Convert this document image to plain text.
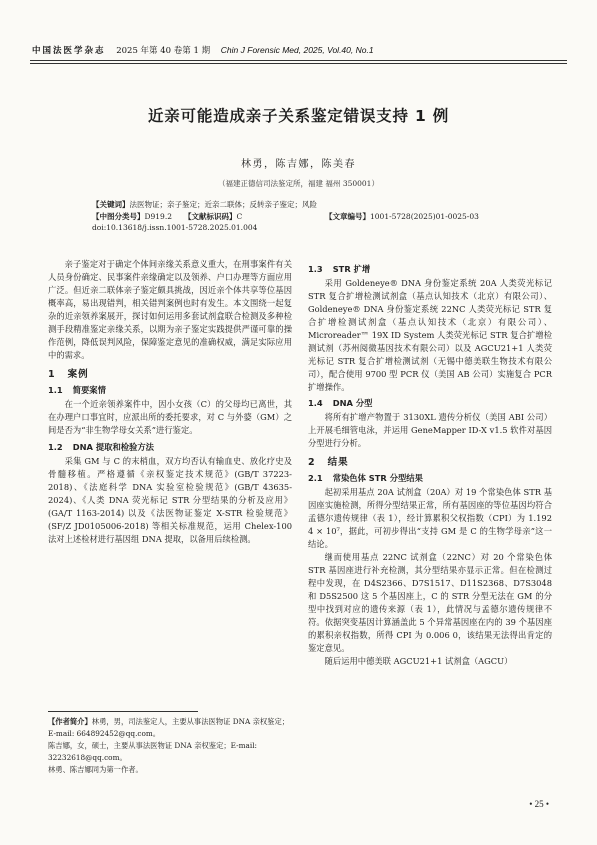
中国法医学杂志 2025 年第 40 卷第 1 期 Chin J Forensic Med, 2025, Vol.40, No.1
近亲可能造成亲子关系鉴定错误支持 1 例
林勇，陈吉娜，陈美春
（福建正德信司法鉴定所，福建 福州 350001）
【关键词】法医物证；亲子鉴定；近亲二联体；反转亲子鉴定；风险
【中图分类号】D919.2 【文献标识码】C	【文章编号】1001-5728(2025)01-0025-03
doi:10.13618/j.issn.1001-5728.2025.01.004

亲子鉴定对于确定个体间亲缘关系意义重大，在刑事案件有关人员身份确定、民事案件亲缘确定以及领养、户口办理等方面应用广泛。但近亲二联体亲子鉴定颇具挑战，因近亲个体共享等位基因概率高，易出现错判，相关错判案例也时有发生。本文围绕一起复杂的近亲领养案展开，探讨如何运用多套试剂盒联合检测及多种检测手段精准鉴定亲缘关系，以期为亲子鉴定实践提供严谨可靠的操作范例，降低误判风险，保障鉴定意见的准确权威，满足实际应用中的需求。

1 案例
1.1 简要案情

在一个近亲领养案件中，因小女孩（C）的父母均已离世，其在办理户口事宜时，应派出所的委托要求，对 C 与外婆（GM）之间是否为“非生物学母女关系”进行鉴定。

1.2 DNA 提取和检验方法

采集 GM 与 C 的末梢血，双方均否认有输血史、放化疗史及骨髓移植。严格遵循《亲权鉴定技术规范》(GB/T 37223-2018)、《法庭科学 DNA 实验室检验规范》(GB/T 43635-2024)、《人类 DNA 荧光标记 STR 分型结果的分析及应用》(GA/T 1163-2014) 以及《法医物证鉴定 X-STR 检验规范》(SF/Z JD0105006-2018) 等相关标准规范，运用 Chelex-100 法对上述检材进行基因组 DNA 提取，以备用后续检测。

1.3 STR 扩增

采用 Goldeneye® DNA 身份鉴定系统 20A 人类荧光标记 STR 复合扩增检测试剂盒（基点认知技术（北京）有限公司）、Goldeneye® DNA 身份鉴定系统 22NC 人类荧光标记 STR 复合扩增检测试剂盒（基点认知技术（北京）有限公司）、Microreader™ 19X ID System 人类荧光标记 STR 复合扩增检测试剂（苏州阅微基因技术有限公司）以及 AGCU21+1 人类荧光标记 STR 复合扩增检测试剂（无锡中德美联生物技术有限公司），配合使用 9700 型 PCR 仪（美国 AB 公司）实施复合 PCR 扩增操作。

1.4 DNA 分型

将所有扩增产物置于 3130XL 遗传分析仪（美国 ABI 公司）上开展毛细管电泳，并运用 GeneMapper ID-X v1.5 软件对基因分型进行分析。

2 结果
2.1 常染色体 STR 分型结果

起初采用基点 20A 试剂盒（20A）对 19 个常染色体 STR 基因座实施检测，所得分型结果正常，所有基因座的等位基因均符合孟德尔遗传规律（表 1），经计算累积父权指数（CPI）为 1.192 4 × 10⁷，据此，可初步得出“支持 GM 是 C 的生物学母亲”这一结论。

继而使用基点 22NC 试剂盒（22NC）对 20 个常染色体 STR 基因座进行补充检测，其分型结果亦显示正常。但在检测过程中发现，在 D4S2366、D7S1517、D11S2368、D7S3048 和 D5S2500 这 5 个基因座上，C 的 STR 分型无法在 GM 的分型中找到对应的遗传来源（表 1），此情况与孟德尔遗传规律不符。依据突变基因计算涵盖此 5 个异常基因座在内的 39 个基因座的累积亲权指数，所得 CPI 为 0.006 0，该结果无法得出肯定的鉴定意见。

随后运用中德美联 AGCU21+1 试剂盒（AGCU）

【作者简介】林勇，男，司法鉴定人，主要从事法医物证 DNA 亲权鉴定；E-mail: 664892452@qq.com。

陈吉娜，女，硕士，主要从事法医物证 DNA 亲权鉴定；E-mail: 32232618@qq.com。

林勇、陈吉娜同为第一作者。

• 25 •
